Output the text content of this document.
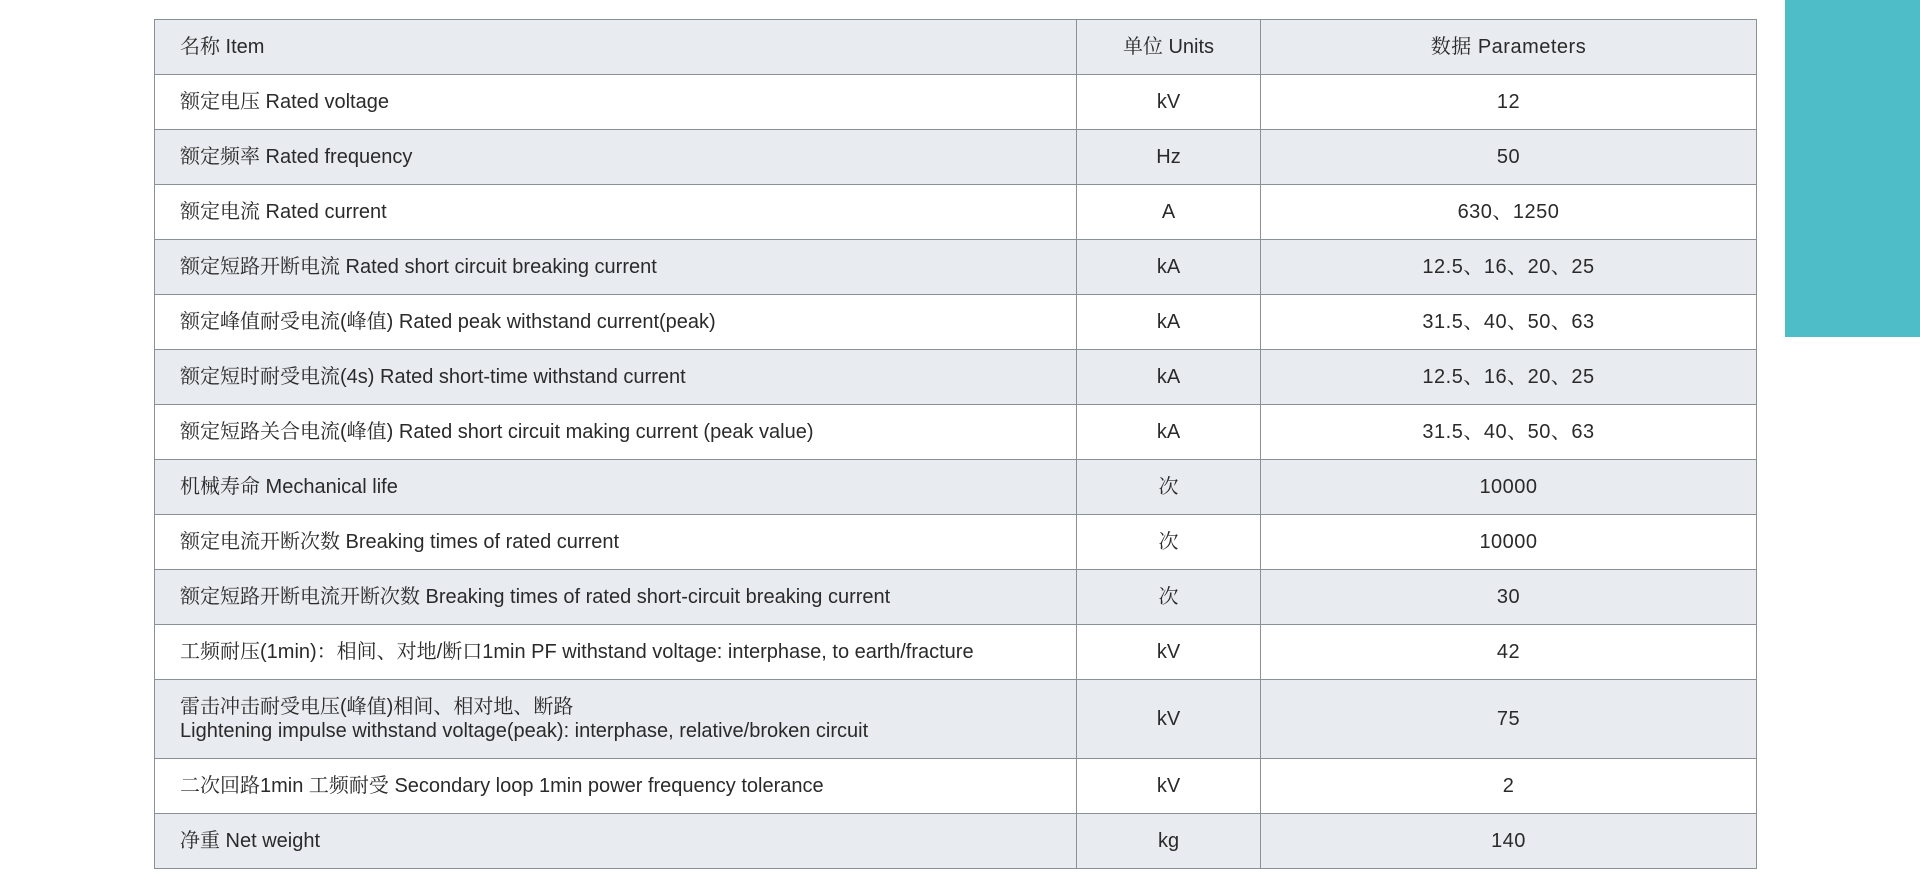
名称 Item	单位 Units	数据 Parameters
额定电压 Rated voltage	kV	12
额定频率 Rated frequency	Hz	50
额定电流 Rated current	A	630、1250
额定短路开断电流 Rated short circuit breaking current	kA	12.5、16、20、25
额定峰值耐受电流(峰值) Rated peak withstand current(peak)	kA	31.5、40、50、63
额定短时耐受电流(4s) Rated short-time withstand current	kA	12.5、16、20、25
额定短路关合电流(峰值) Rated short circuit making current (peak value)	kA	31.5、40、50、63
机械寿命 Mechanical life	次	10000
额定电流开断次数 Breaking times of rated current	次	10000
额定短路开断电流开断次数 Breaking times of rated short-circuit breaking current	次	30
工频耐压(1min)：相间、对地/断口1min PF withstand voltage: interphase, to earth/fracture	kV	42

雷击冲击耐受电压(峰值)相间、相对地、断路
Lightening impulse withstand voltage(peak): interphase, relative/broken circuit	kV	75
二次回路1min 工频耐受 Secondary loop 1min power frequency tolerance	kV	2
净重 Net weight	kg	140
